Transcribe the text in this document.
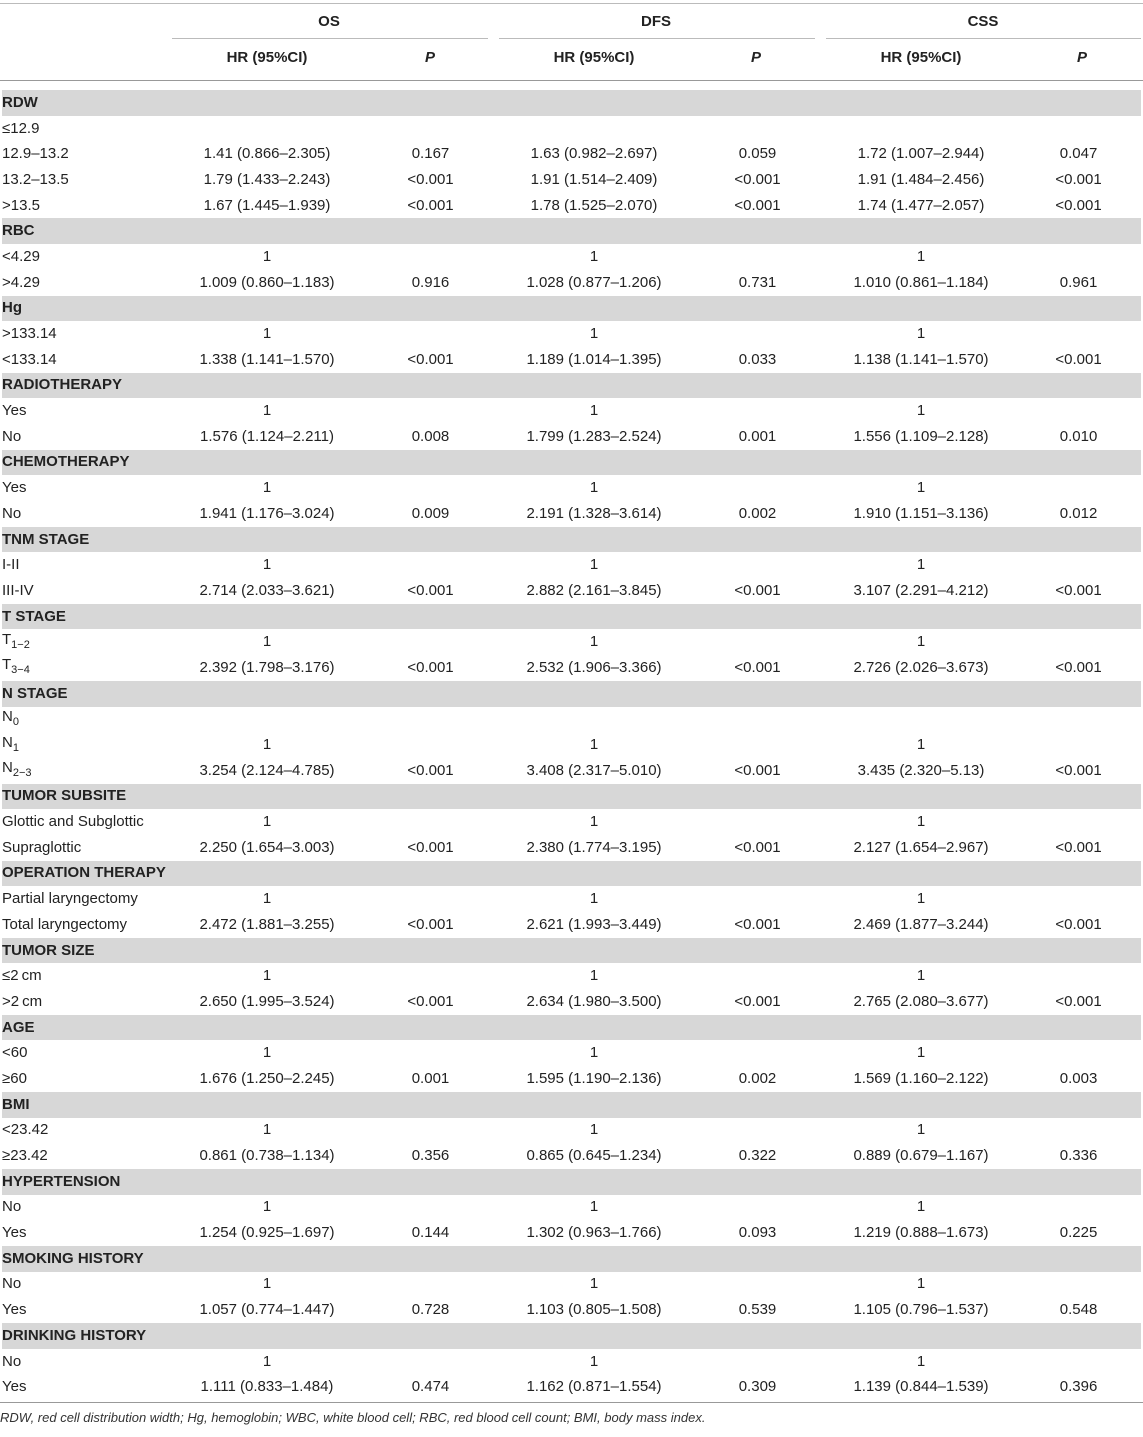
OS	DFS	CSS
HR (95%CI)	P	HR (95%CI)	P	HR (95%CI)	P
RDW						
≤12.9						
12.9–13.2	1.41 (0.866–2.305)	0.167	1.63 (0.982–2.697)	0.059	1.72 (1.007–2.944)	0.047
13.2–13.5	1.79 (1.433–2.243)	<0.001	1.91 (1.514–2.409)	<0.001	1.91 (1.484–2.456)	<0.001
>13.5	1.67 (1.445–1.939)	<0.001	1.78 (1.525–2.070)	<0.001	1.74 (1.477–2.057)	<0.001
RBC						
<4.29	1		1		1	
>4.29	1.009 (0.860–1.183)	0.916	1.028 (0.877–1.206)	0.731	1.010 (0.861–1.184)	0.961
Hg						
>133.14	1		1		1	
<133.14	1.338 (1.141–1.570)	<0.001	1.189 (1.014–1.395)	0.033	1.138 (1.141–1.570)	<0.001
RADIOTHERAPY						
Yes	1		1		1	
No	1.576 (1.124–2.211)	0.008	1.799 (1.283–2.524)	0.001	1.556 (1.109–2.128)	0.010
CHEMOTHERAPY						
Yes	1		1		1	
No	1.941 (1.176–3.024)	0.009	2.191 (1.328–3.614)	0.002	1.910 (1.151–3.136)	0.012
TNM STAGE						
I-II	1		1		1	
III-IV	2.714 (2.033–3.621)	<0.001	2.882 (2.161–3.845)	<0.001	3.107 (2.291–4.212)	<0.001
T STAGE						
$T_{1-2}$	1		1		1	
$T_{3-4}$	2.392 (1.798–3.176)	<0.001	2.532 (1.906–3.366)	<0.001	2.726 (2.026–3.673)	<0.001
N STAGE						
$N_0$						
$N_1$	1		1		1	
$N_{2-3}$	3.254 (2.124–4.785)	<0.001	3.408 (2.317–5.010)	<0.001	3.435 (2.320–5.13)	<0.001
TUMOR SUBSITE						
Glottic and Subglottic	1		1		1	
Supraglottic	2.250 (1.654–3.003)	<0.001	2.380 (1.774–3.195)	<0.001	2.127 (1.654–2.967)	<0.001
OPERATION THERAPY						
Partial laryngectomy	1		1		1	
Total laryngectomy	2.472 (1.881–3.255)	<0.001	2.621 (1.993–3.449)	<0.001	2.469 (1.877–3.244)	<0.001
TUMOR SIZE						
≤2 cm	1		1		1	
>2 cm	2.650 (1.995–3.524)	<0.001	2.634 (1.980–3.500)	<0.001	2.765 (2.080–3.677)	<0.001
AGE						
<60	1		1		1	
≥60	1.676 (1.250–2.245)	0.001	1.595 (1.190–2.136)	0.002	1.569 (1.160–2.122)	0.003
BMI						
<23.42	1		1		1	
≥23.42	0.861 (0.738–1.134)	0.356	0.865 (0.645–1.234)	0.322	0.889 (0.679–1.167)	0.336
HYPERTENSION						
No	1		1		1	
Yes	1.254 (0.925–1.697)	0.144	1.302 (0.963–1.766)	0.093	1.219 (0.888–1.673)	0.225
SMOKING HISTORY						
No	1		1		1	
Yes	1.057 (0.774–1.447)	0.728	1.103 (0.805–1.508)	0.539	1.105 (0.796–1.537)	0.548
DRINKING HISTORY						
No	1		1		1	
Yes	1.111 (0.833–1.484)	0.474	1.162 (0.871–1.554)	0.309	1.139 (0.844–1.539)	0.396
RDW, red cell distribution width; Hg, hemoglobin; WBC, white blood cell; RBC, red blood cell count; BMI, body mass index.
